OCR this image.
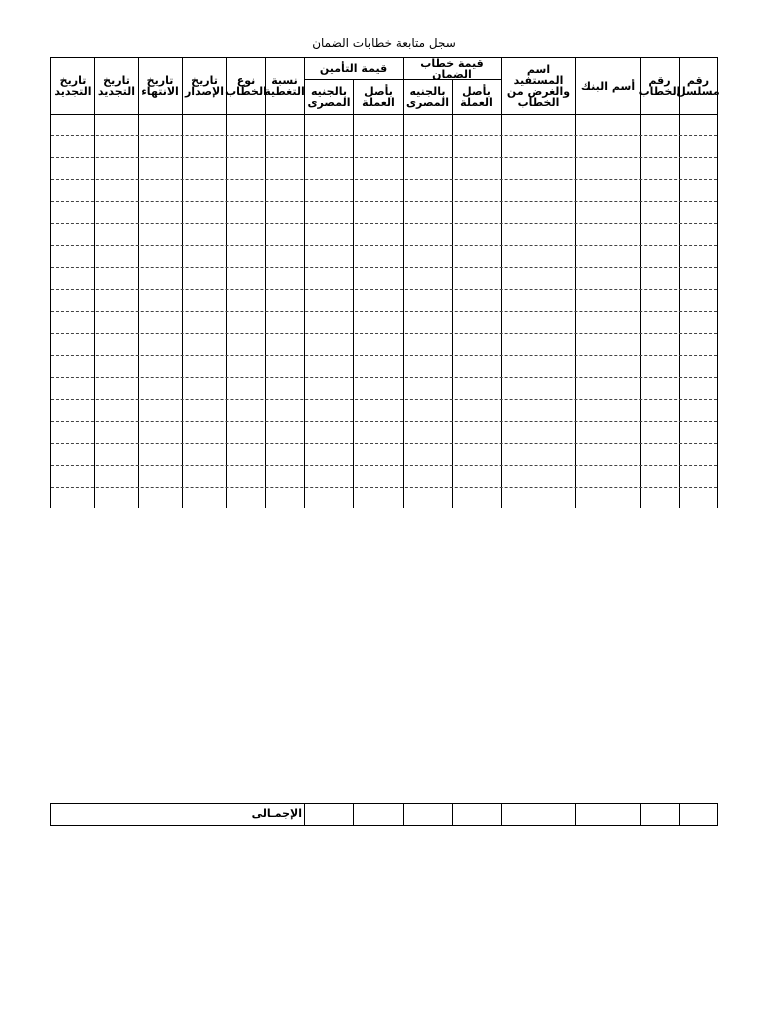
سجل متابعة خطابات الضمان
رقم مسلسل
رقم الخطاب
أسم البنك
اسم المستفيد والغرض من الخطاب
قيمة خطاب الضمان
بأصل العملة
بالجنيه المصرى
قيمة التأمين
بأصل العملة
بالجنيه المصرى
نسبة التغطية
نوع الخطاب
تاريخ الإصدار
تاريخ الانتهاء
تاريخ التجديد
تاريخ التجديد
الإجمـالى
